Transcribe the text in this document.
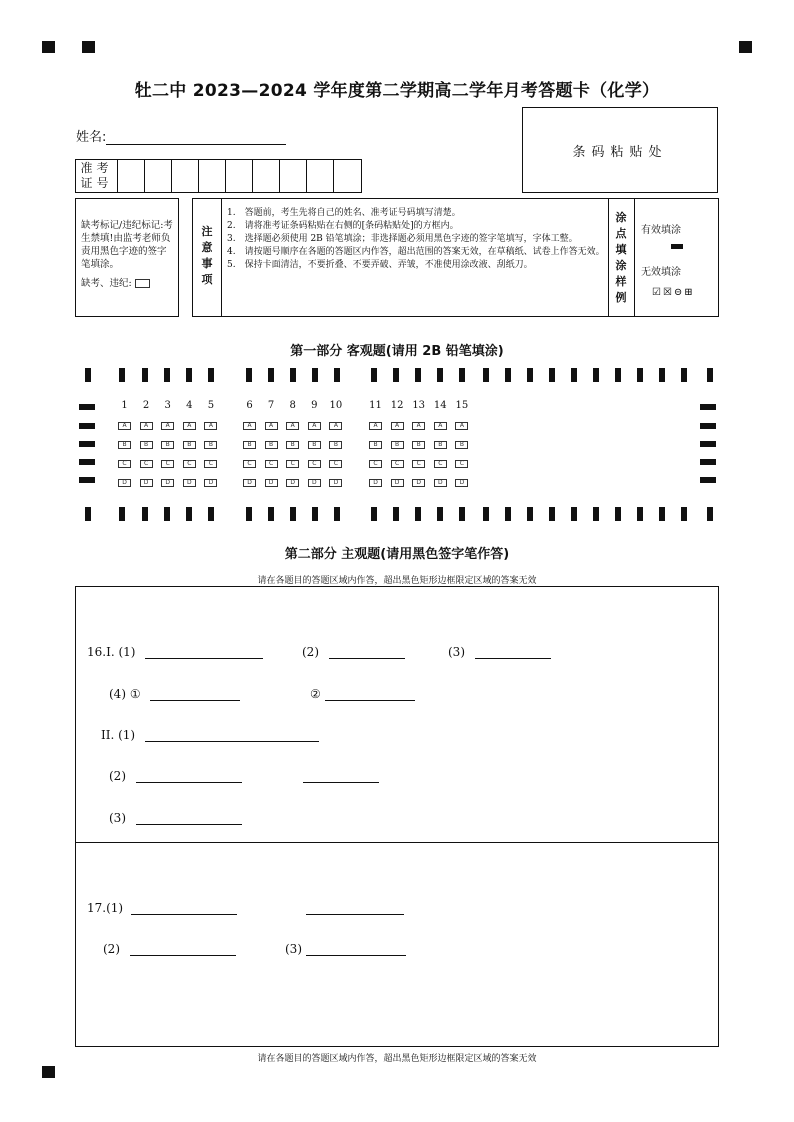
牡二中 2023—2024 学年度第二学期高二学年月考答题卡（化学）
姓名:
条码粘贴处
准考证号
缺考标记/违纪标记:考生禁填!由监考老师负责用黑色字迹的签字笔填涂。
缺考、违纪:
注意事项
1.　答题前，考生先将自己的姓名、准考证号码填写清楚。
2.　请将准考证条码粘贴在右侧的[条码粘贴处]的方框内。
3.　选择题必须使用 2B 铅笔填涂；非选择题必须用黑色字迹的签字笔填写，字体工整。
4.　请按题号顺序在各题的答题区内作答，超出范围的答案无效，在草稿纸、试卷上作答无效。
5.　保持卡面清洁，不要折叠、不要弄破、弄皱，不准使用涂改液、刮纸刀。
涂点填涂样例
有效填涂
无效填涂
☑☒⊝⊞
第一部分 客观题(请用 2B 铅笔填涂)
1
A
B
C
D
2
A
B
C
D
3
A
B
C
D
4
A
B
C
D
5
A
B
C
D
6
A
B
C
D
7
A
B
C
D
8
A
B
C
D
9
A
B
C
D
10
A
B
C
D
11
A
B
C
D
12
A
B
C
D
13
A
B
C
D
14
A
B
C
D
15
A
B
C
D
第二部分 主观题(请用黑色签字笔作答)
请在各题目的答题区域内作答，超出黑色矩形边框限定区域的答案无效
16.I. (1)	(2)	(3)
(4) ①	②
II. (1)
(2)
(3)
17.(1)
(2)	(3)
请在各题目的答题区域内作答，超出黑色矩形边框限定区域的答案无效
